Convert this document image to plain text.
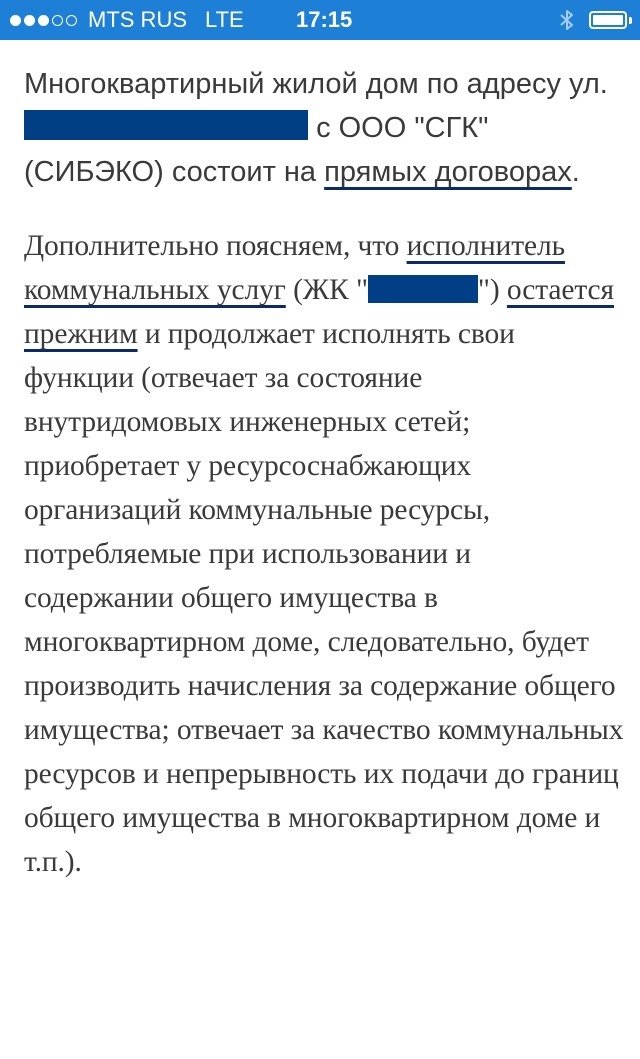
MTS RUS LTE 17:15

Многоквартирный жилой дом по адресу ул.  с ООО "СГК" (СИБЭКО) состоит на прямых договорах.

Дополнительно поясняем, что исполнитель коммунальных услуг (ЖК "	") остается прежним и продолжает исполнять свои функции (отвечает за состояние внутридомовых инженерных сетей; приобретает у ресурсоснабжающих организаций коммунальные ресурсы, потребляемые при использовании и содержании общего имущества в многоквартирном доме, следовательно, будет производить начисления за содержание общего имущества; отвечает за качество коммунальных ресурсов и непрерывность их подачи до границ общего имущества в многоквартирном доме и т.п.).
